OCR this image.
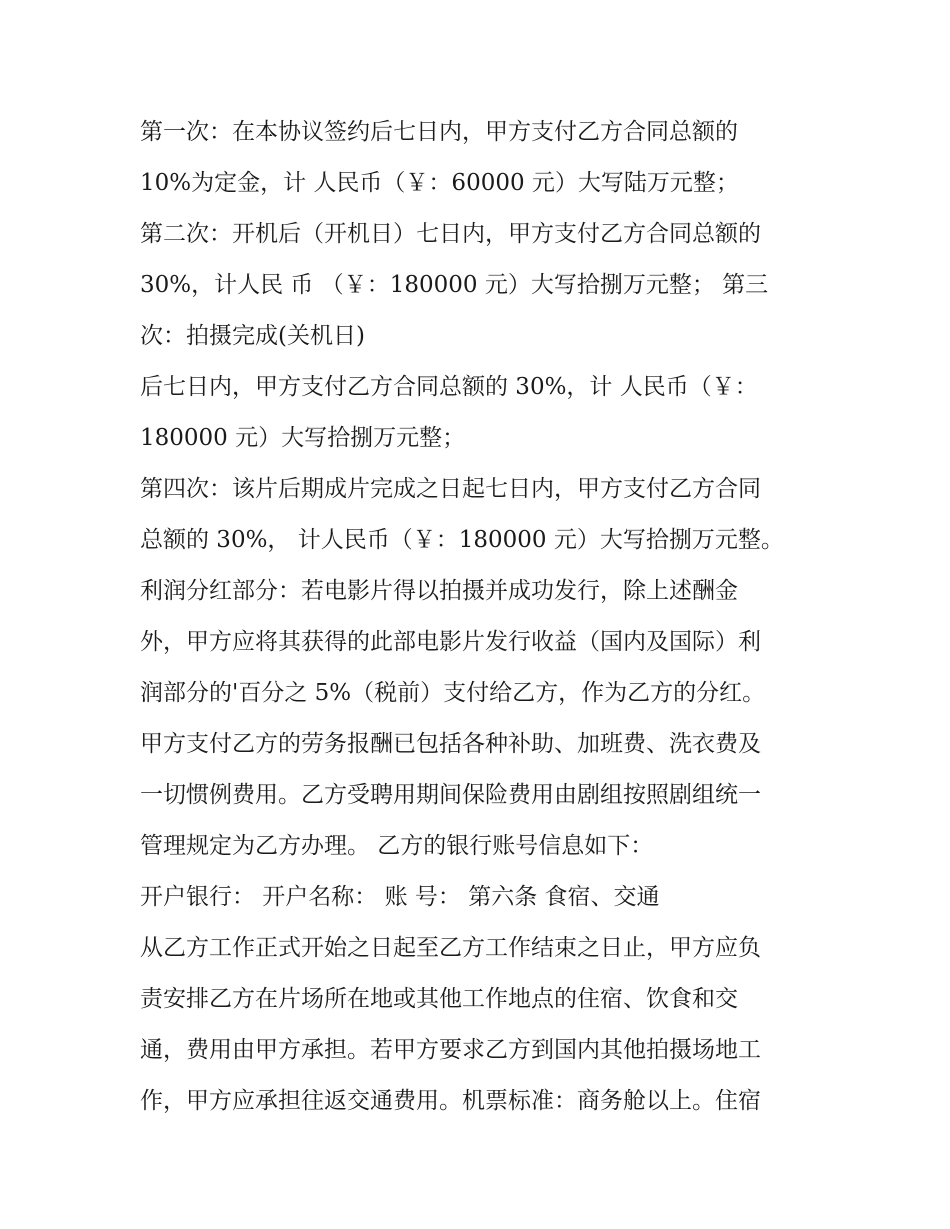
第一次：在本协议签约后七日内，甲方支付乙方合同总额的
10%为定金，计 人民币（￥：60000 元）大写陆万元整；
第二次：开机后（开机日）七日内，甲方支付乙方合同总额的
30%，计人民 币 （￥：180000 元）大写拾捌万元整； 第三
次：拍摄完成(关机日)
后七日内，甲方支付乙方合同总额的 30%，计 人民币（￥：
180000 元）大写拾捌万元整；
第四次：该片后期成片完成之日起七日内，甲方支付乙方合同
总额的 30%， 计人民币（￥：180000 元）大写拾捌万元整。
利润分红部分：若电影片得以拍摄并成功发行，除上述酬金
外，甲方应将其获得的此部电影片发行收益（国内及国际）利
润部分的'百分之 5%（税前）支付给乙方，作为乙方的分红。
甲方支付乙方的劳务报酬已包括各种补助、加班费、洗衣费及
一切惯例费用。乙方受聘用期间保险费用由剧组按照剧组统一
管理规定为乙方办理。 乙方的银行账号信息如下：
开户银行： 开户名称： 账 号： 第六条 食宿、交通
从乙方工作正式开始之日起至乙方工作结束之日止，甲方应负
责安排乙方在片场所在地或其他工作地点的住宿、饮食和交
通，费用由甲方承担。若甲方要求乙方到国内其他拍摄场地工
作，甲方应承担往返交通费用。机票标准：商务舱以上。住宿
